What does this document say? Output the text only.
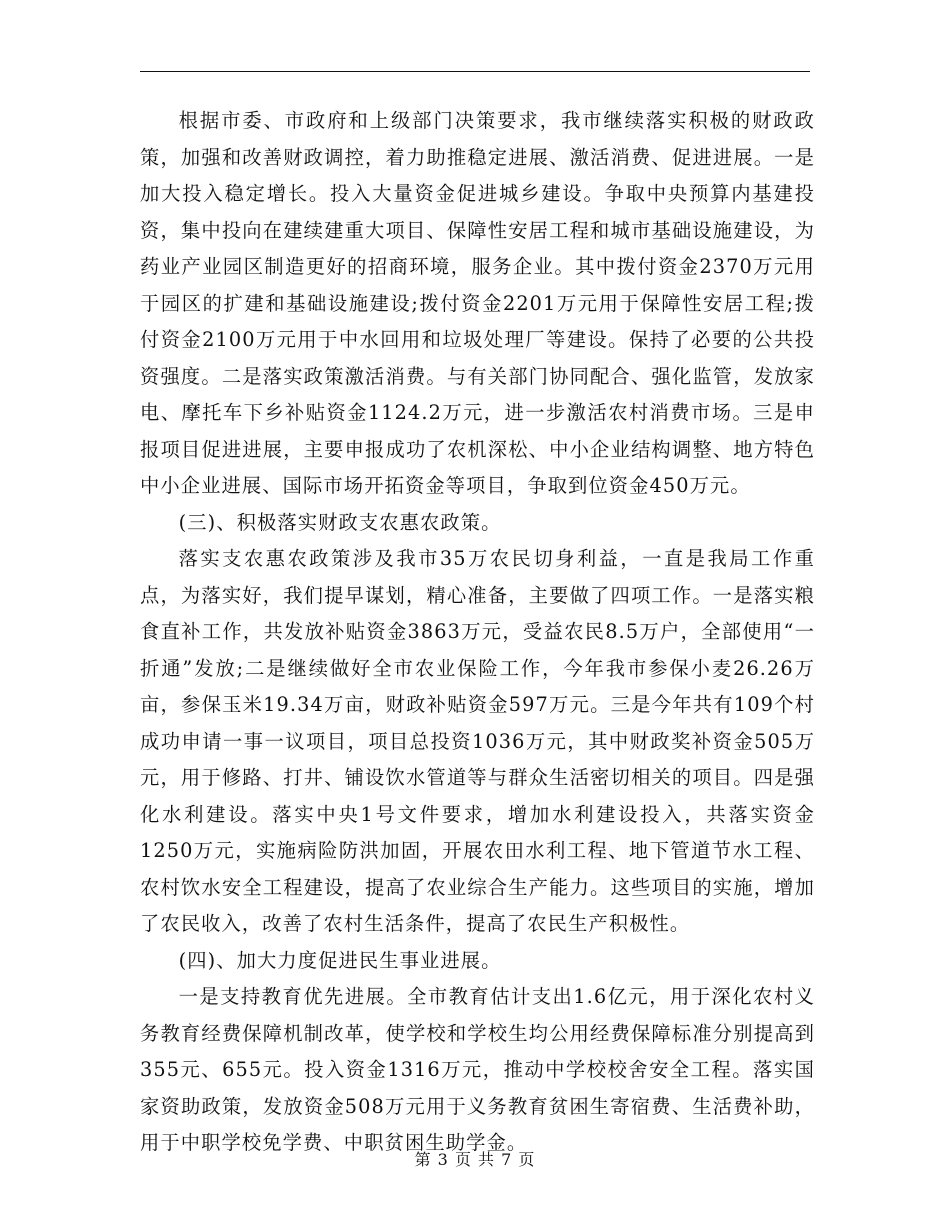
根据市委、市政府和上级部门决策要求，我市继续落实积极的财政政策，加强和改善财政调控，着力助推稳定进展、激活消费、促进进展。一是加大投入稳定增长。投入大量资金促进城乡建设。争取中央预算内基建投资，集中投向在建续建重大项目、保障性安居工程和城市基础设施建设，为药业产业园区制造更好的招商环境，服务企业。其中拨付资金2370万元用于园区的扩建和基础设施建设;拨付资金2201万元用于保障性安居工程;拨付资金2100万元用于中水回用和垃圾处理厂等建设。保持了必要的公共投资强度。二是落实政策激活消费。与有关部门协同配合、强化监管，发放家电、摩托车下乡补贴资金1124.2万元，进一步激活农村消费市场。三是申报项目促进进展，主要申报成功了农机深松、中小企业结构调整、地方特色中小企业进展、国际市场开拓资金等项目，争取到位资金450万元。

(三)、积极落实财政支农惠农政策。

落实支农惠农政策涉及我市35万农民切身利益，一直是我局工作重点，为落实好，我们提早谋划，精心准备，主要做了四项工作。一是落实粮食直补工作，共发放补贴资金3863万元，受益农民8.5万户，全部使用“一折通”发放;二是继续做好全市农业保险工作，今年我市参保小麦26.26万亩，参保玉米19.34万亩，财政补贴资金597万元。三是今年共有109个村成功申请一事一议项目，项目总投资1036万元，其中财政奖补资金505万元，用于修路、打井、铺设饮水管道等与群众生活密切相关的项目。四是强化水利建设。落实中央1号文件要求，增加水利建设投入，共落实资金1250万元，实施病险防洪加固，开展农田水利工程、地下管道节水工程、农村饮水安全工程建设，提高了农业综合生产能力。这些项目的实施，增加了农民收入，改善了农村生活条件，提高了农民生产积极性。

(四)、加大力度促进民生事业进展。

一是支持教育优先进展。全市教育估计支出1.6亿元，用于深化农村义务教育经费保障机制改革，使学校和学校生均公用经费保障标准分别提高到355元、655元。投入资金1316万元，推动中学校校舍安全工程。落实国家资助政策，发放资金508万元用于义务教育贫困生寄宿费、生活费补助，用于中职学校免学费、中职贫困生助学金。

第 3 页 共 7 页
